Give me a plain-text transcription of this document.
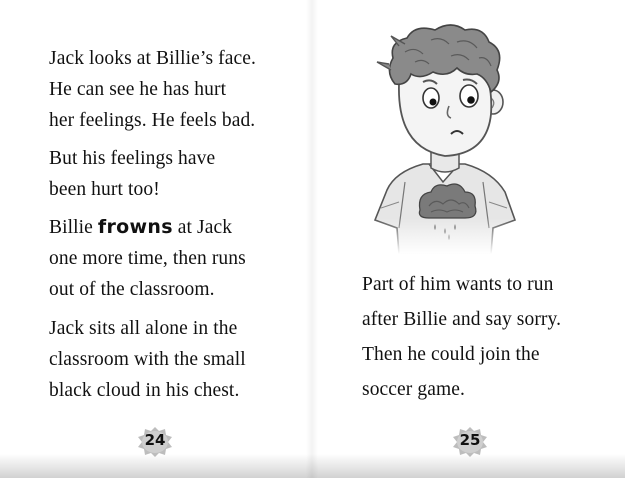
Jack looks at Billie’s face.
He can see he has hurt
her feelings. He feels bad.

But his feelings have
been hurt too!

Billie frowns at Jack
one more time, then runs
out of the classroom.

Jack sits all alone in the
classroom with the small
black cloud in his chest.

24

Part of him wants to run
after Billie and say sorry.
Then he could join the
soccer game.

25
